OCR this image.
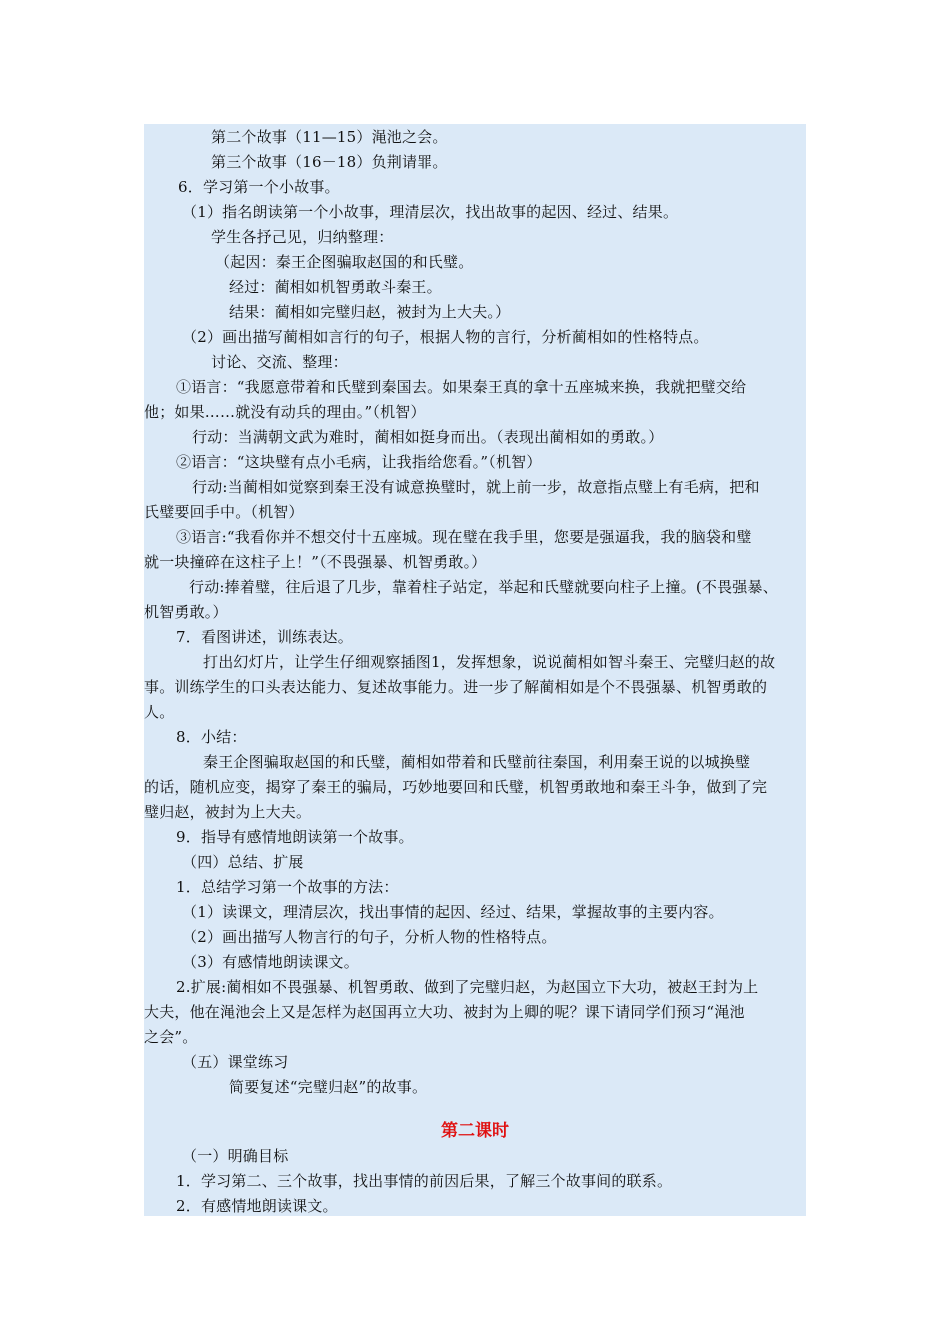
第二个故事（11—15）渑池之会。
第三个故事（16－18）负荆请罪。
6．学习第一个小故事。
（1）指名朗读第一个小故事，理清层次，找出故事的起因、经过、结果。
学生各抒己见，归纳整理：
（起因：秦王企图骗取赵国的和氏璧。
经过：蔺相如机智勇敢斗秦王。
结果：蔺相如完璧归赵，被封为上大夫。）
（2）画出描写蔺相如言行的句子，根据人物的言行，分析蔺相如的性格特点。
讨论、交流、整理：
①语言：“我愿意带着和氏璧到秦国去。如果秦王真的拿十五座城来换，我就把璧交给
他；如果……就没有动兵的理由。”（机智）
行动：当满朝文武为难时，蔺相如挺身而出。（表现出蔺相如的勇敢。）
②语言：“这块璧有点小毛病，让我指给您看。”（机智）
行动:当蔺相如觉察到秦王没有诚意换璧时，就上前一步，故意指点璧上有毛病，把和
氏璧要回手中。（机智）
③语言:“我看你并不想交付十五座城。现在璧在我手里，您要是强逼我，我的脑袋和璧
就一块撞碎在这柱子上！”（不畏强暴、机智勇敢。）
行动:捧着璧，往后退了几步，靠着柱子站定，举起和氏璧就要向柱子上撞。(不畏强暴、
机智勇敢。）
7．看图讲述，训练表达。
打出幻灯片，让学生仔细观察插图1，发挥想象，说说蔺相如智斗秦王、完璧归赵的故
事。训练学生的口头表达能力、复述故事能力。进一步了解蔺相如是个不畏强暴、机智勇敢的
人。
8．小结：
秦王企图骗取赵国的和氏璧，蔺相如带着和氏璧前往秦国，利用秦王说的以城换璧
的话，随机应变，揭穿了秦王的骗局，巧妙地要回和氏璧，机智勇敢地和秦王斗争，做到了完
璧归赵，被封为上大夫。
9．指导有感情地朗读第一个故事。
（四）总结、扩展
1．总结学习第一个故事的方法：
（1）读课文，理清层次，找出事情的起因、经过、结果，掌握故事的主要内容。
（2）画出描写人物言行的句子，分析人物的性格特点。
（3）有感情地朗读课文。
2.扩展:蔺相如不畏强暴、机智勇敢、做到了完璧归赵，为赵国立下大功，被赵王封为上
大夫，他在渑池会上又是怎样为赵国再立大功、被封为上卿的呢？课下请同学们预习“渑池
之会”。
（五）课堂练习
简要复述“完璧归赵”的故事。
第二课时
（一）明确目标
1．学习第二、三个故事，找出事情的前因后果，了解三个故事间的联系。
2．有感情地朗读课文。
